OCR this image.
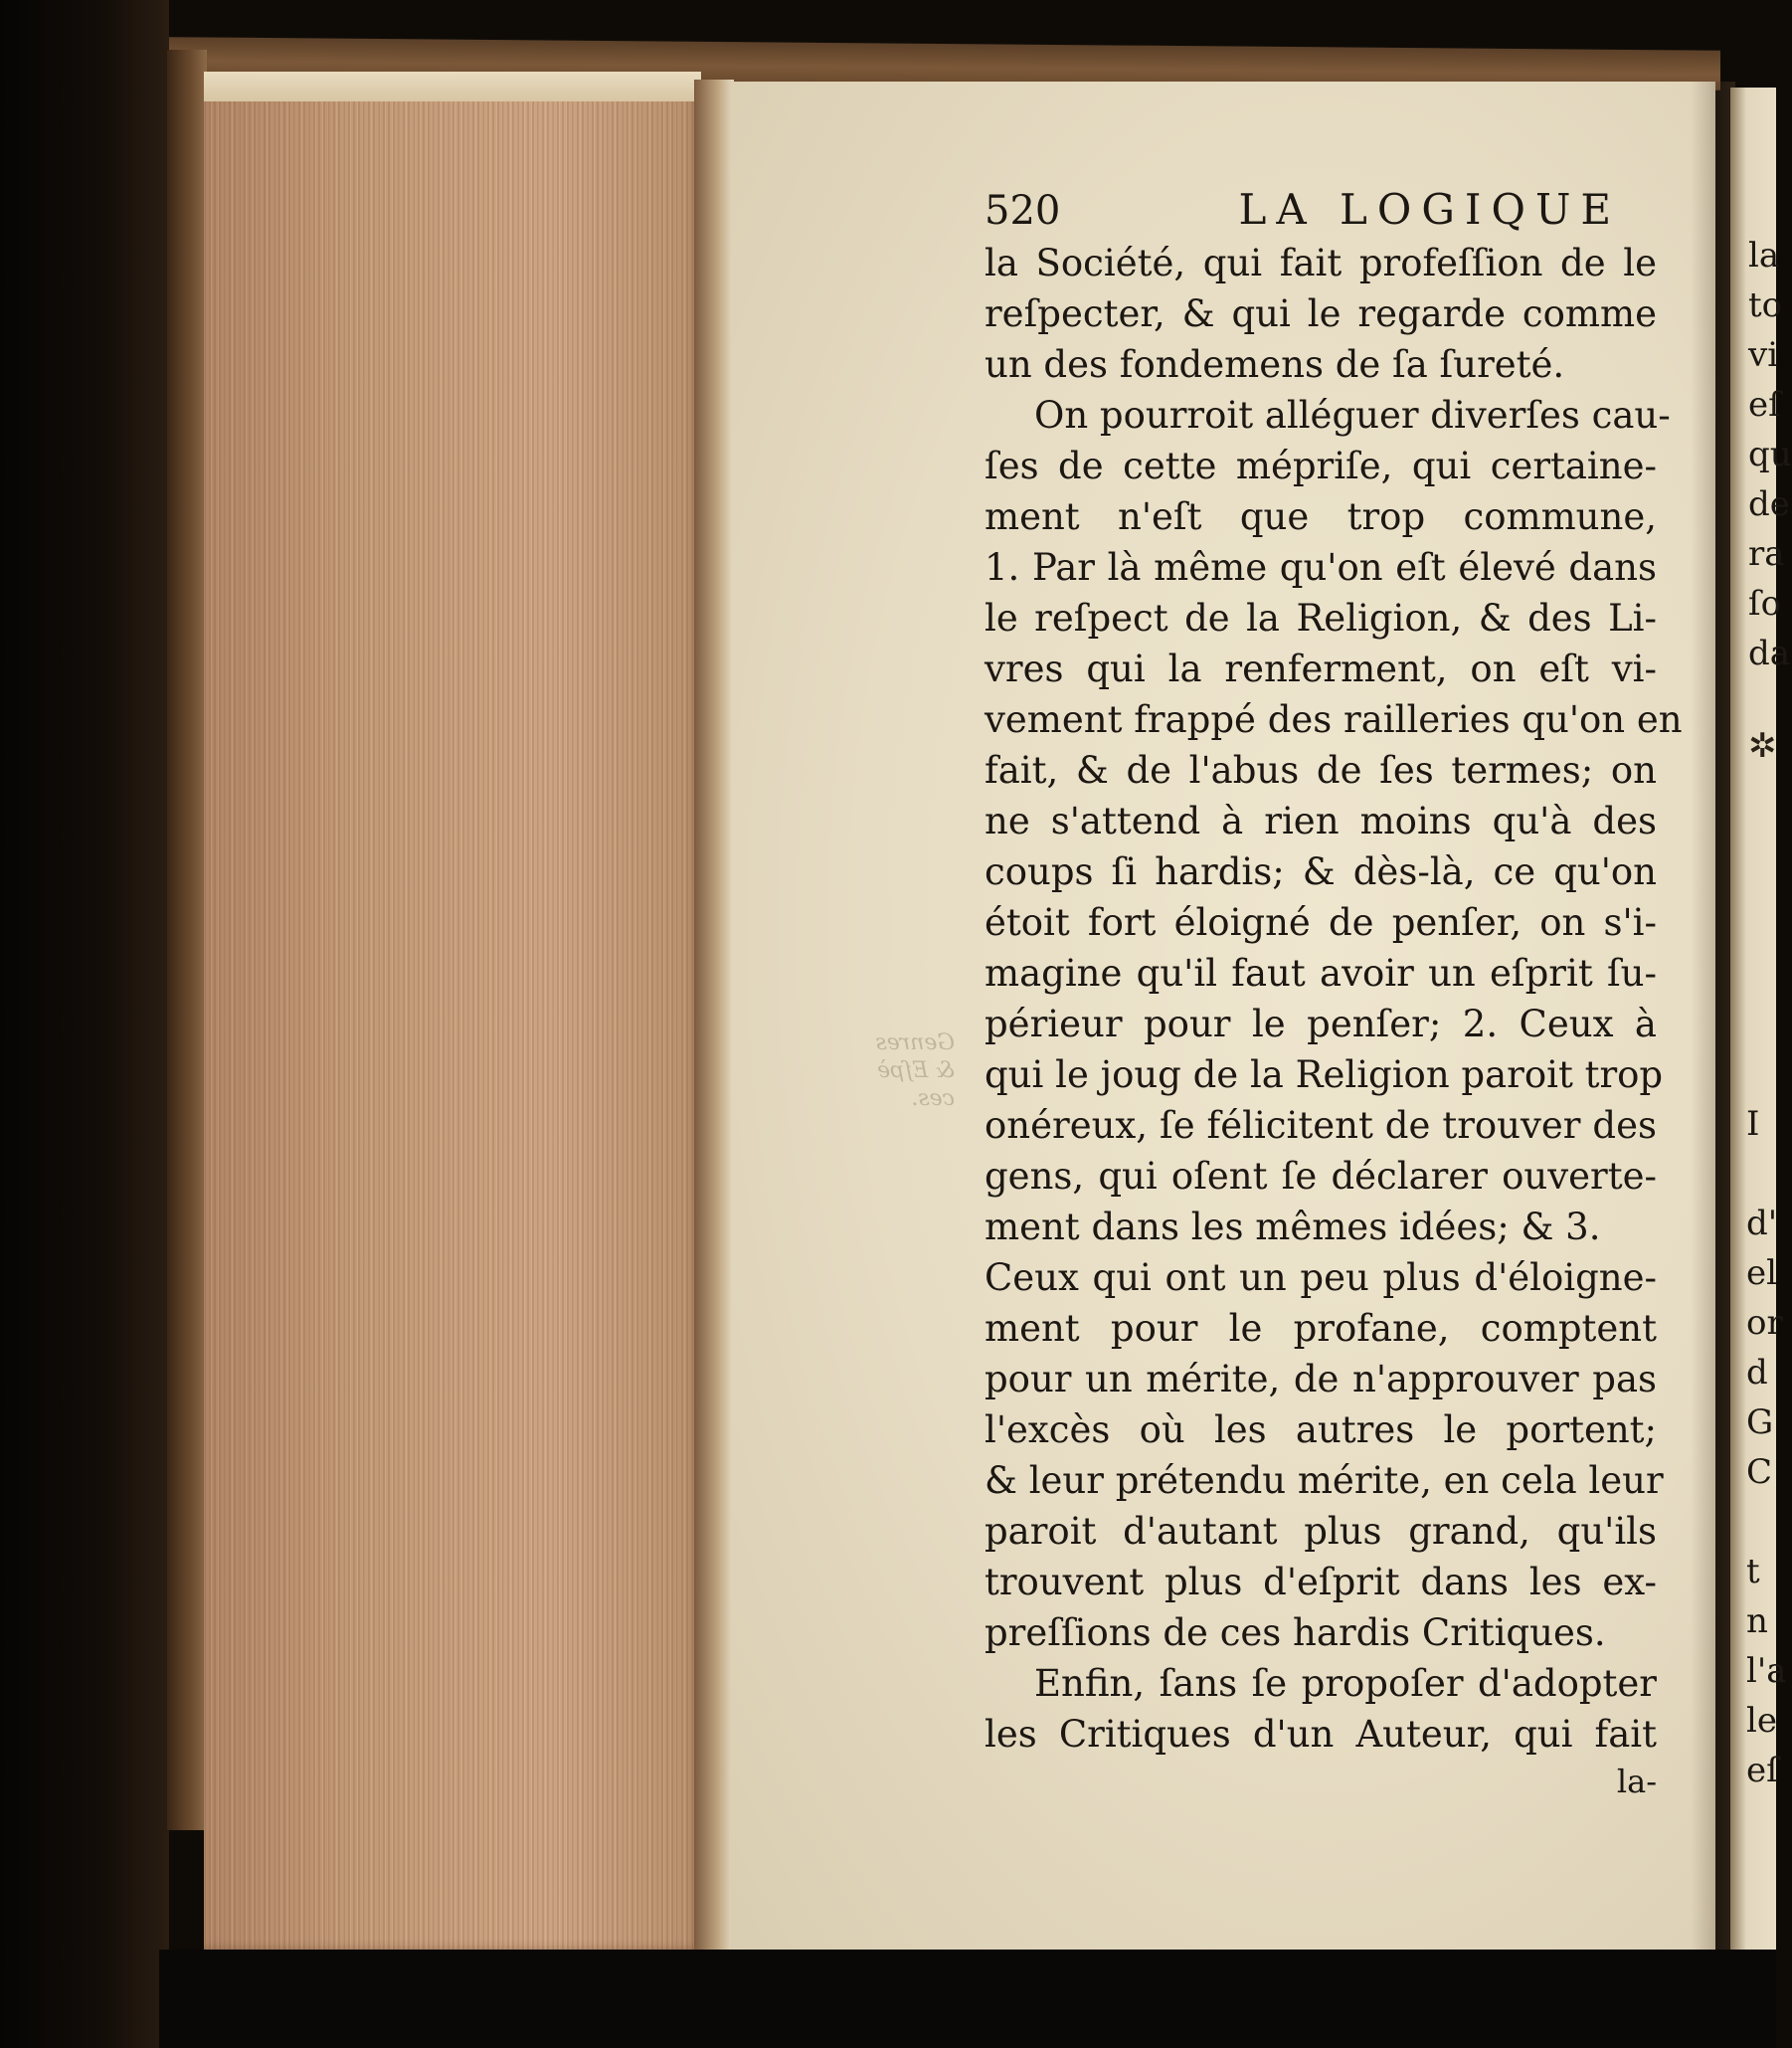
Genres
& Eſpè
ces.
520	LA LOGIQUE
la Société, qui fait profeſſion de le
reſpecter, & qui le regarde comme
un des fondemens de ſa ſureté.
On pourroit alléguer diverſes cau-
ſes de cette mépriſe, qui certaine-
ment n'eſt que trop commune,
1. Par là même qu'on eſt élevé dans
le reſpect de la Religion, & des Li-
vres qui la renferment, on eſt vi-
vement frappé des railleries qu'on en
fait, & de l'abus de ſes termes; on
ne s'attend à rien moins qu'à des
coups ſi hardis; & dès-là, ce qu'on
étoit fort éloigné de penſer, on s'i-
magine qu'il faut avoir un eſprit ſu-
périeur pour le penſer; 2. Ceux à
qui le joug de la Religion paroit trop
onéreux, ſe félicitent de trouver des
gens, qui oſent ſe déclarer ouverte-
ment dans les mêmes idées; & 3.
Ceux qui ont un peu plus d'éloigne-
ment pour le profane, comptent
pour un mérite, de n'approuver pas
l'excès où les autres le portent;
& leur prétendu mérite, en cela leur
paroit d'autant plus grand, qu'ils
trouvent plus d'eſprit dans les ex-
preſſions de ces hardis Critiques.
Enfin, ſans ſe propoſer d'adopter
les Critiques d'un Auteur, qui fait
la-
la
to
vi
eſ
qu
de
ra
ſo
da
✲
I
d'
el
or
d
G
C
t
n
l'a
le
eſ
